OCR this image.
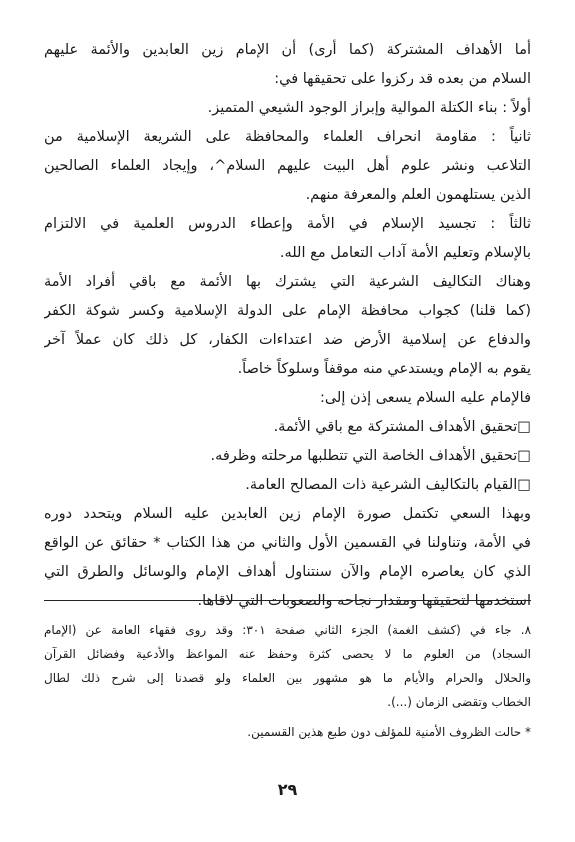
أما الأهداف المشتركة (كما أرى) أن الإمام زين العابدين والأئمة عليهم
السلام من بعده قد ركزوا على تحقيقها في:
أولاً : بناء الكتلة الموالية وإبراز الوجود الشيعي المتميز.
ثانياً : مقاومة انحراف العلماء والمحافظة على الشريعة الإسلامية من
التلاعب ونشر علوم أهل البيت عليهم السلام^، وإيجاد العلماء الصالحين
الذين يستلهمون العلم والمعرفة منهم.
ثالثاً : تجسيد الإسلام في الأمة وإعطاء الدروس العلمية في الالتزام
بالإسلام وتعليم الأمة آداب التعامل مع الله.
وهناك التكاليف الشرعية التي يشترك بها الأئمة مع باقي أفراد الأمة
(كما قلنا) كجواب محافظة الإمام على الدولة الإسلامية وكسر شوكة الكفر
والدفاع عن إسلامية الأرض ضد اعتداءات الكفار، كل ذلك كان عملاً آخر
يقوم به الإمام ويستدعي منه موقفاً وسلوكاً خاصاً.
فالإمام عليه السلام يسعى إذن إلى:
□تحقيق الأهداف المشتركة مع باقي الأئمة.
□تحقيق الأهداف الخاصة التي تتطلبها مرحلته وظرفه.
□القيام بالتكاليف الشرعية ذات المصالح العامة.
وبهذا السعي تكتمل صورة الإمام زين العابدين عليه السلام ويتحدد دوره
في الأمة، وتناولنا في القسمين الأول والثاني من هذا الكتاب * حقائق عن الواقع
الذي كان يعاصره الإمام والآن سنتناول أهداف الإمام والوسائل والطرق التي
استخدمها لتحقيقها ومقدار نجاحه والصعوبات التي لاقاها.
٨. جاء في (كشف الغمة) الجزء الثاني صفحة ٣٠١: وقد روى فقهاء العامة عن (الإمام
السجاد) من العلوم ما لا يحصى كثرة وحفظ عنه المواعظ والأدعية وفضائل القرآن
والحلال والحرام والأيام ما هو مشهور بين العلماء ولو قصدنا إلى شرح ذلك لطال
الخطاب وتقضى الزمان (...).
* حالت الظروف الأمنية للمؤلف دون طبع هذين القسمين.
٢٩
